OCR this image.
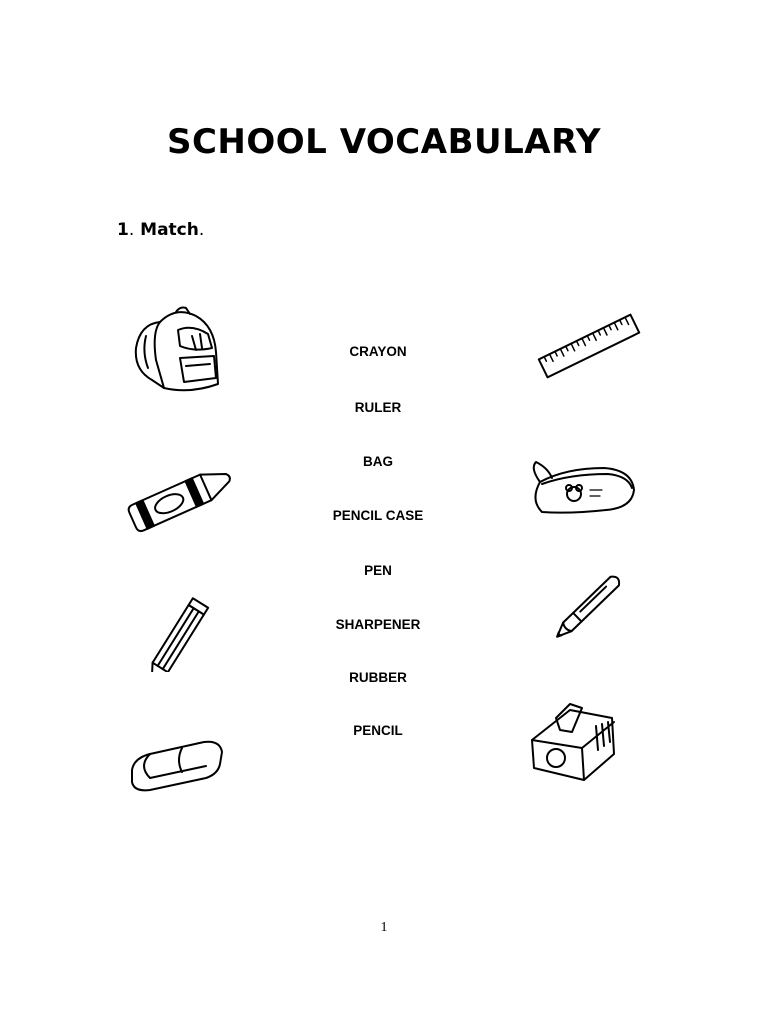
SCHOOL VOCABULARY
1. Match.
CRAYON
RULER
BAG
PENCIL CASE
PEN
SHARPENER
RUBBER
PENCIL
1
